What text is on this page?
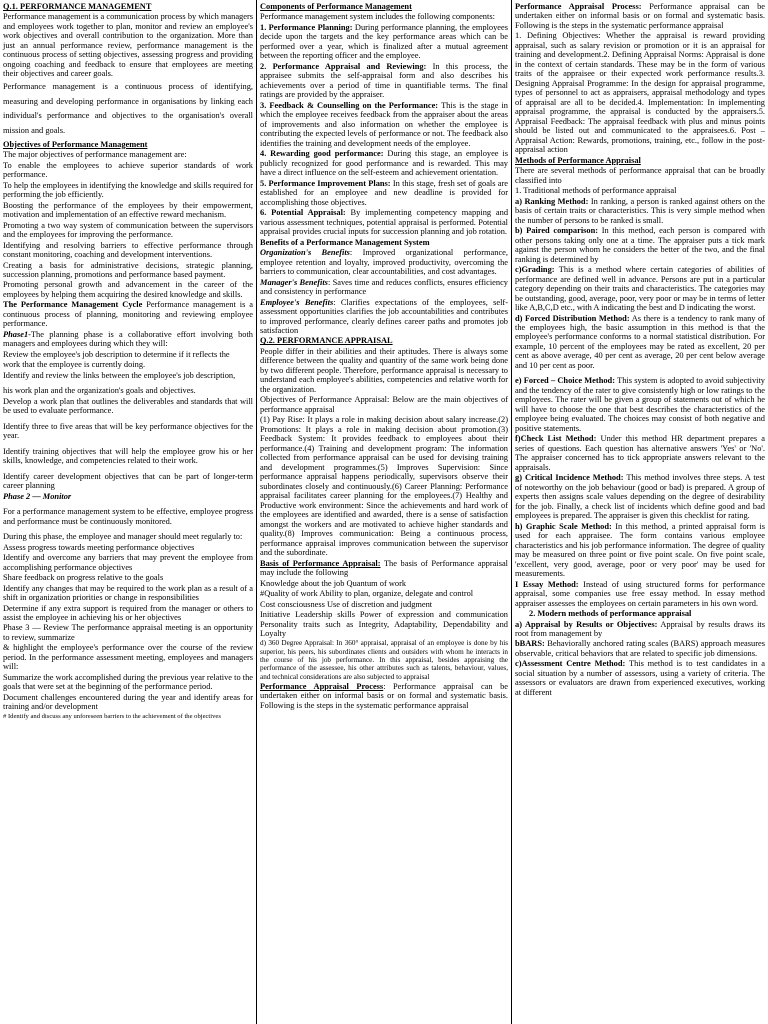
Q.1. PERFORMANCE MANAGEMENT

Performance management is a communication process by which managers and employees work together to plan, monitor and review an employee's work objectives and overall contribution to the organization. More than just an annual performance review, performance management is the continuous process of setting objectives, assessing progress and providing ongoing coaching and feedback to ensure that employees are meeting their objectives and career goals.

Performance management is a continuous process of identifying, measuring and developing performance in organisations by linking each individual's performance and objectives to the organisation's overall mission and goals.

Objectives of Performance Management

The major objectives of performance management are:

To enable the employees to achieve superior standards of work performance.

To help the employees in identifying the knowledge and skills required for performing the job efficiently.

Boosting the performance of the employees by their empowerment, motivation and implementation of an effective reward mechanism.

Promoting a two way system of communication between the supervisors and the employees for improving the performance.

Identifying and resolving barriers to effective performance through constant monitoring, coaching and development interventions.

Creating a basis for administrative decisions, strategic planning, succession planning, promotions and performance based payment.

Promoting personal growth and advancement in the career of the employees by helping them acquiring the desired knowledge and skills.

The Performance Management Cycle Performance management is a continuous process of planning, monitoring and reviewing employee performance.

Phase1-The planning phase is a collaborative effort involving both managers and employees during which they will:

Review the employee's job description to determine if it reflects the

work that the employee is currently doing.

Identify and review the links between the employee's job description,

his work plan and the organization's goals and objectives.

Develop a work plan that outlines the deliverables and standards that will be used to evaluate performance.

Identify three to five areas that will be key performance objectives for the year.

Identify training objectives that will help the employee grow his or her skills, knowledge, and competencies related to their work.

Identify career development objectives that can be part of longer-term career planning

Phase 2 — Monitor

For a performance management system to be effective, employee progress and performance must be continuously monitored.

During this phase, the employee and manager should meet regularly to:

Assess progress towards meeting performance objectives

Identify and overcome any barriers that may prevent the employee from accomplishing performance objectives

Share feedback on progress relative to the goals

Identify any changes that may be required to the work plan as a result of a shift in organization priorities or change in responsibilities

Determine if any extra support is required from the manager or others to assist the employee in achieving his or her objectives

Phase 3 — Review The performance appraisal meeting is an opportunity to review, summarize

& highlight the employee's performance over the course of the review period. In the performance assessment meeting, employees and managers will:

Summarize the work accomplished during the previous year relative to the goals that were set at the beginning of the performance period.

Document challenges encountered during the year and identify areas for training and/or development

# Identify and discuss any unforeseen barriers to the achievement of the objectives

Components of Performance Management

Performance management system includes the following components:

1. Performance Planning: During performance planning, the employees decide upon the targets and the key performance areas which can be performed over a year, which is finalized after a mutual agreement between the reporting officer and the employee.

2. Performance Appraisal and Reviewing: In this process, the appraisee submits the self-appraisal form and also describes his achievements over a period of time in quantifiable terms. The final ratings are provided by the appraiser.

3. Feedback & Counselling on the Performance: This is the stage in which the employee receives feedback from the appraiser about the areas of improvements and also information on whether the employee is contributing the expected levels of performance or not. The feedback also identifies the training and development needs of the employee.

4. Rewarding good performance: During this stage, an employee is publicly recognized for good performance and is rewarded. This may have a direct influence on the self-esteem and achievement orientation.

5. Performance Improvement Plans: In this stage, fresh set of goals are established for an employee and new deadline is provided for accomplishing those objectives.

6. Potential Appraisal: By implementing competency mapping and various assessment techniques, potential appraisal is performed. Potential appraisal provides crucial inputs for succession planning and job rotation.

Benefits of a Performance Management System

Organization's Benefits: Improved organizational performance, employee retention and loyalty, improved productivity, overcoming the barriers to communication, clear accountabilities, and cost advantages.

Manager's Benefits: Saves time and reduces conflicts, ensures efficiency and consistency in performance

Employee's Benefits: Clarifies expectations of the employees, self- assessment opportunities clarifies the job accountabilities and contributes to improved performance, clearly defines career paths and promotes job satisfaction

Q.2. PERFORMANCE APPRAISAL

People differ in their abilities and their aptitudes. There is always some difference between the quality and quantity of the same work being done by two different people. Therefore, performance appraisal is necessary to understand each employee's abilities, competencies and relative worth for the organization.

Objectives of Performance Appraisal: Below are the main objectives of performance appraisal

(1) Pay Rise: It plays a role in making decision about salary increase.(2) Promotions: It plays a role in making decision about promotion.(3) Feedback System: It provides feedback to employees about their performance.(4) Training and development program: The information collected from performance appraisal can be used for devising training and development programmes.(5) Improves Supervision: Since performance appraisal happens periodically, supervisors observe their subordinates closely and continuously.(6) Career Planning: Performance appraisal facilitates career planning for the employees.(7) Healthy and Productive work environment: Since the achievements and hard work of the employees are identified and awarded, there is a sense of satisfaction amongst the workers and are motivated to achieve higher standards and quality.(8) Improves communication: Being a continuous process, performance appraisal improves communication between the supervisor and the subordinate.

Basis of Performance Appraisal: The basis of Performance appraisal may include the following

Knowledge about the job Quantum of work

#Quality of work Ability to plan, organize, delegate and control

Cost consciousness Use of discretion and judgment

Initiative Leadership skills Power of expression and communication Personality traits such as Integrity, Adaptability, Dependability and Loyalty

d) 360 Degree Appraisal: In 360° appraisal, appraisal of an employee is done by his superior, his peers, his subordinates clients and outsiders with whom he interacts in the course of his job performance. In this appraisal, besides appraising the performance of the assessee, his other attributes such as talents, behaviour, values, and technical considerations are also subjected to appraisal

Performance Appraisal Process: Performance appraisal can be undertaken either on informal basis or on formal and systematic basis. Following is the steps in the systematic performance appraisal

Performance Appraisal Process: Performance appraisal can be undertaken either on informal basis or on formal and systematic basis. Following is the steps in the systematic performance appraisal

1. Defining Objectives: Whether the appraisal is reward providing appraisal, such as salary revision or promotion or it is an appraisal for training and development.2. Defining Appraisal Norms: Appraisal is done in the context of certain standards. These may be in the form of various traits of the appraisee or their expected work performance results.3. Designing Appraisal Programme: In the design for appraisal programme, types of personnel to act as appraisers, appraisal methodology and types of appraisal are all to be decided.4. Implementation: In implementing appraisal programme, the appraisal is conducted by the appraisers.5. Appraisal Feedback: The appraisal feedback with plus and minus points should be listed out and communicated to the appraisees.6. Post – Appraisal Action: Rewards, promotions, training, etc., follow in the post-appraisal action

Methods of Performance Appraisal

There are several methods of performance appraisal that can be broadly classified into

1. Traditional methods of performance appraisal

a) Ranking Method: In ranking, a person is ranked against others on the basis of certain traits or characteristics. This is very simple method when the number of persons to be ranked is small.

b) Paired comparison: In this method, each person is compared with other persons taking only one at a time. The appraiser puts a tick mark against the person whom he considers the better of the two, and the final ranking is determined by

c)Grading: This is a method where certain categories of abilities of performance are defined well in advance. Persons are put in a particular category depending on their traits and characteristics. The categories may be outstanding, good, average, poor, very poor or may be in terms of letter like A,B,C,D etc., with A indicating the best and D indicating the worst.

d) Forced Distribution Method: As there is a tendency to rank many of the employees high, the basic assumption in this method is that the employee's performance conforms to a normal statistical distribution. For example, 10 percent of the employees may be rated as excellent, 20 per cent as above average, 40 per cent as average, 20 per cent below average and 10 per cent as poor.

e) Forced – Choice Method: This system is adopted to avoid subjectivity and the tendency of the rater to give consistently high or low ratings to the employees. The rater will be given a group of statements out of which he will have to choose the one that best describes the characteristics of the employee being evaluated. The choices may consist of both negative and positive statements.

f)Check List Method: Under this method HR department prepares a series of questions. Each question has alternative answers 'Yes' or 'No'. The appraiser concerned has to tick appropriate answers relevant to the appraisals.

g) Critical Incidence Method: This method involves three steps. A test of noteworthy on the job behaviour (good or bad) is prepared. A group of experts then assigns scale values depending on the degree of desirability for the job. Finally, a check list of incidents which define good and bad employees is prepared. The appraiser is given this checklist for rating.

h) Graphic Scale Method: In this method, a printed appraisal form is used for each appraisee. The form contains various employee characteristics and his job performance information. The degree of quality may be measured on three point or five point scale. On five point scale, 'excellent, very good, average, poor or very poor' may be used for measurements.

I Essay Method: Instead of using structured forms for performance appraisal, some companies use free essay method. In essay method appraiser assesses the employees on certain parameters in his own word.

2. Modern methods of performance appraisal

a) Appraisal by Results or Objectives: Appraisal by results draws its root from management by

bBARS: Behaviorally anchored rating scales (BARS) approach measures observable, critical behaviors that are related to specific job dimensions.

c)Assessment Centre Method: This method is to test candidates in a social situation by a number of assessors, using a variety of criteria. The assessors or evaluators are drawn from experienced executives, working at different
